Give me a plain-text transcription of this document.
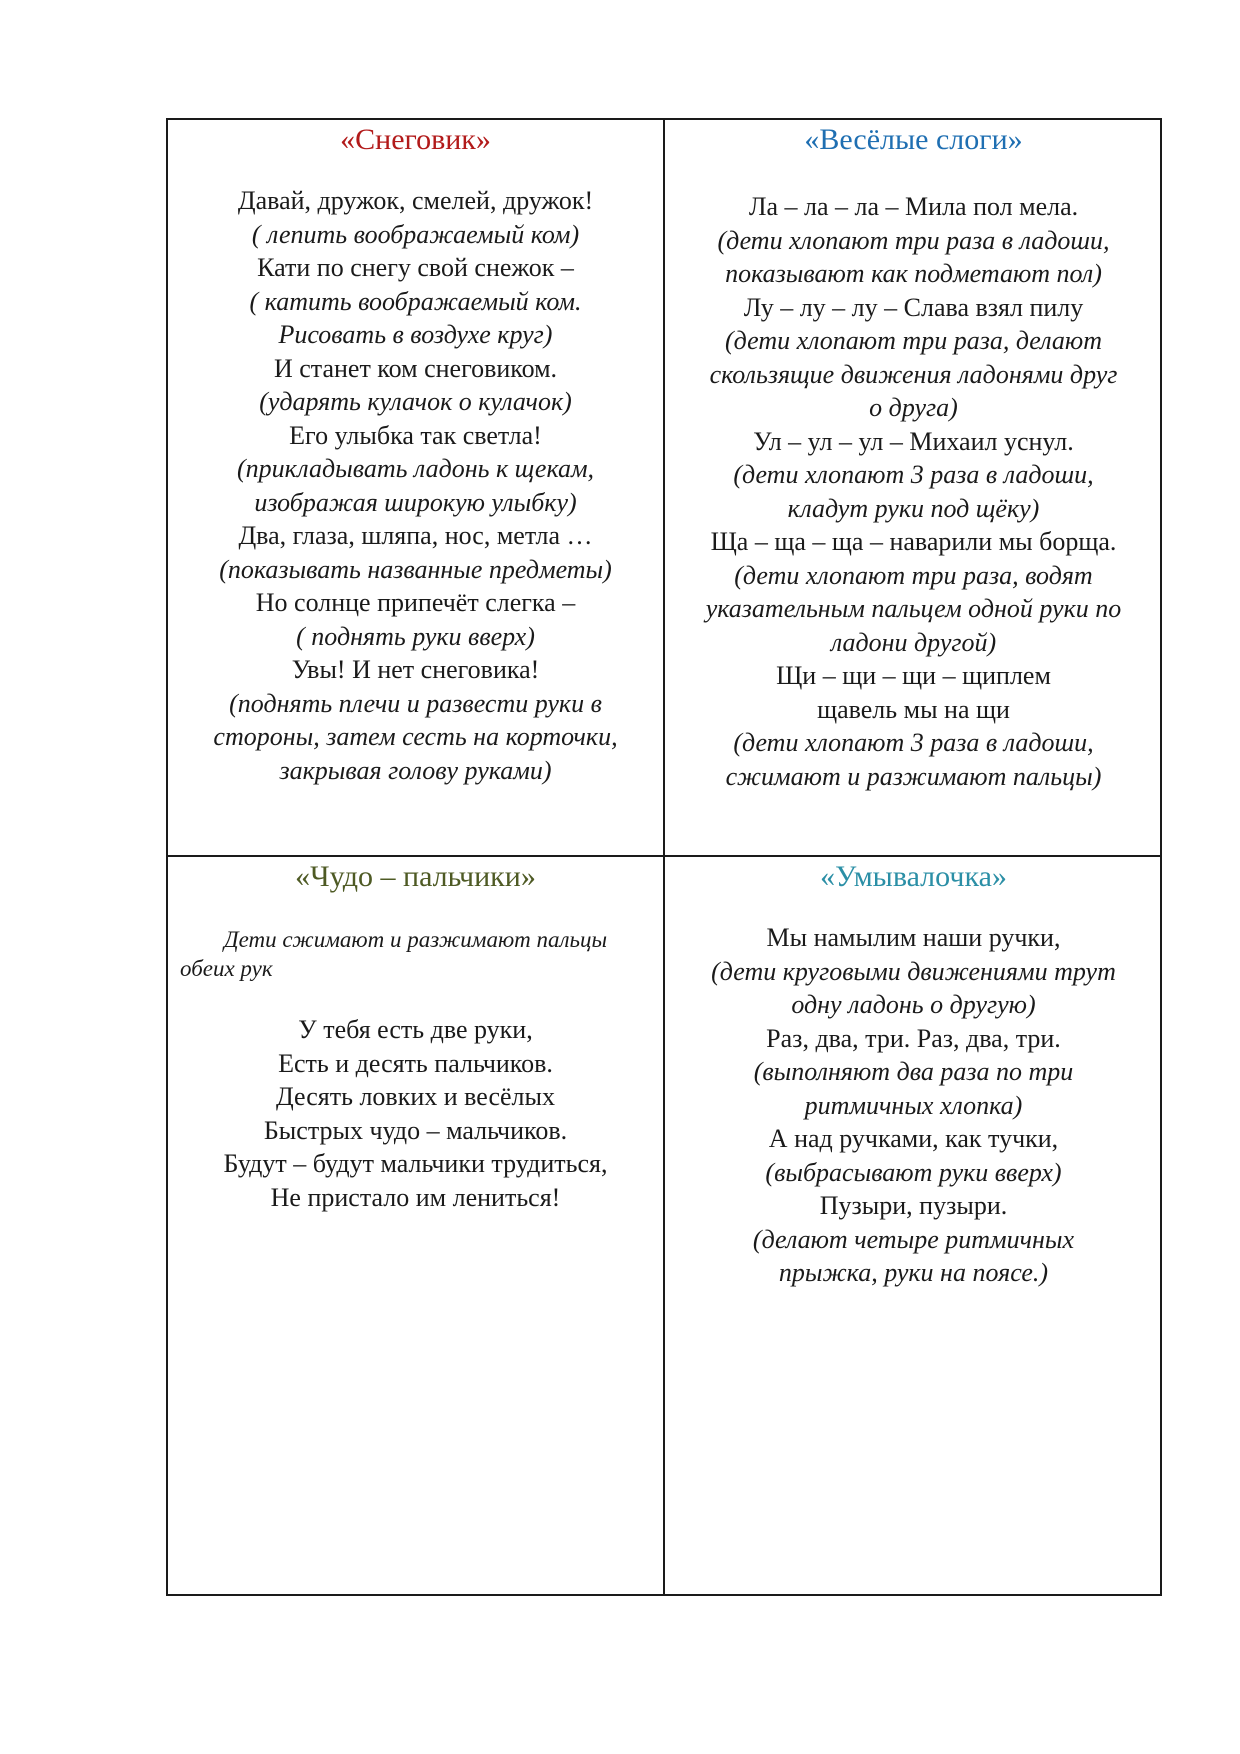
«Снеговик»
Давай, дружок, смелей, дружок!
( лепить воображаемый ком)
Кати по снегу свой снежок –
( катить воображаемый ком.
Рисовать в воздухе круг)
И станет ком снеговиком.
(ударять кулачок о кулачок)
Его улыбка так светла!
(прикладывать ладонь к щекам,
изображая широкую улыбку)
Два, глаза, шляпа, нос, метла …
(показывать названные предметы)
Но солнце припечёт слегка –
( поднять руки вверх)
Увы! И нет снеговика!
(поднять плечи и развести руки в
стороны, затем сесть на корточки,
закрывая голову руками)
«Весёлые слоги»
Ла – ла – ла – Мила пол мела.
(дети хлопают три раза в ладоши,
показывают как подметают пол)
Лу – лу – лу – Слава взял пилу
(дети хлопают три раза, делают
скользящие движения ладонями друг
о друга)
Ул – ул – ул – Михаил уснул.
(дети хлопают 3 раза в ладоши,
кладут руки под щёку)
Ща – ща – ща – наварили мы борща.
(дети хлопают три раза, водят
указательным пальцем одной руки по
ладони другой)
Щи – щи – щи – щиплем
щавель мы на щи
(дети хлопают 3 раза в ладоши,
сжимают и разжимают пальцы)
«Чудо – пальчики»
Дети сжимают и разжимают пальцы обеих рук
У тебя есть две руки,
Есть и десять пальчиков.
Десять ловких и весёлых
Быстрых чудо – мальчиков.
Будут – будут мальчики трудиться,
Не пристало им лениться!
«Умывалочка»
Мы намылим наши ручки,
(дети круговыми движениями трут
одну ладонь о другую)
Раз, два, три. Раз, два, три.
(выполняют два раза по три
ритмичных хлопка)
А над ручками, как тучки,
(выбрасывают руки вверх)
Пузыри, пузыри.
(делают четыре ритмичных
прыжка, руки на поясе.)
